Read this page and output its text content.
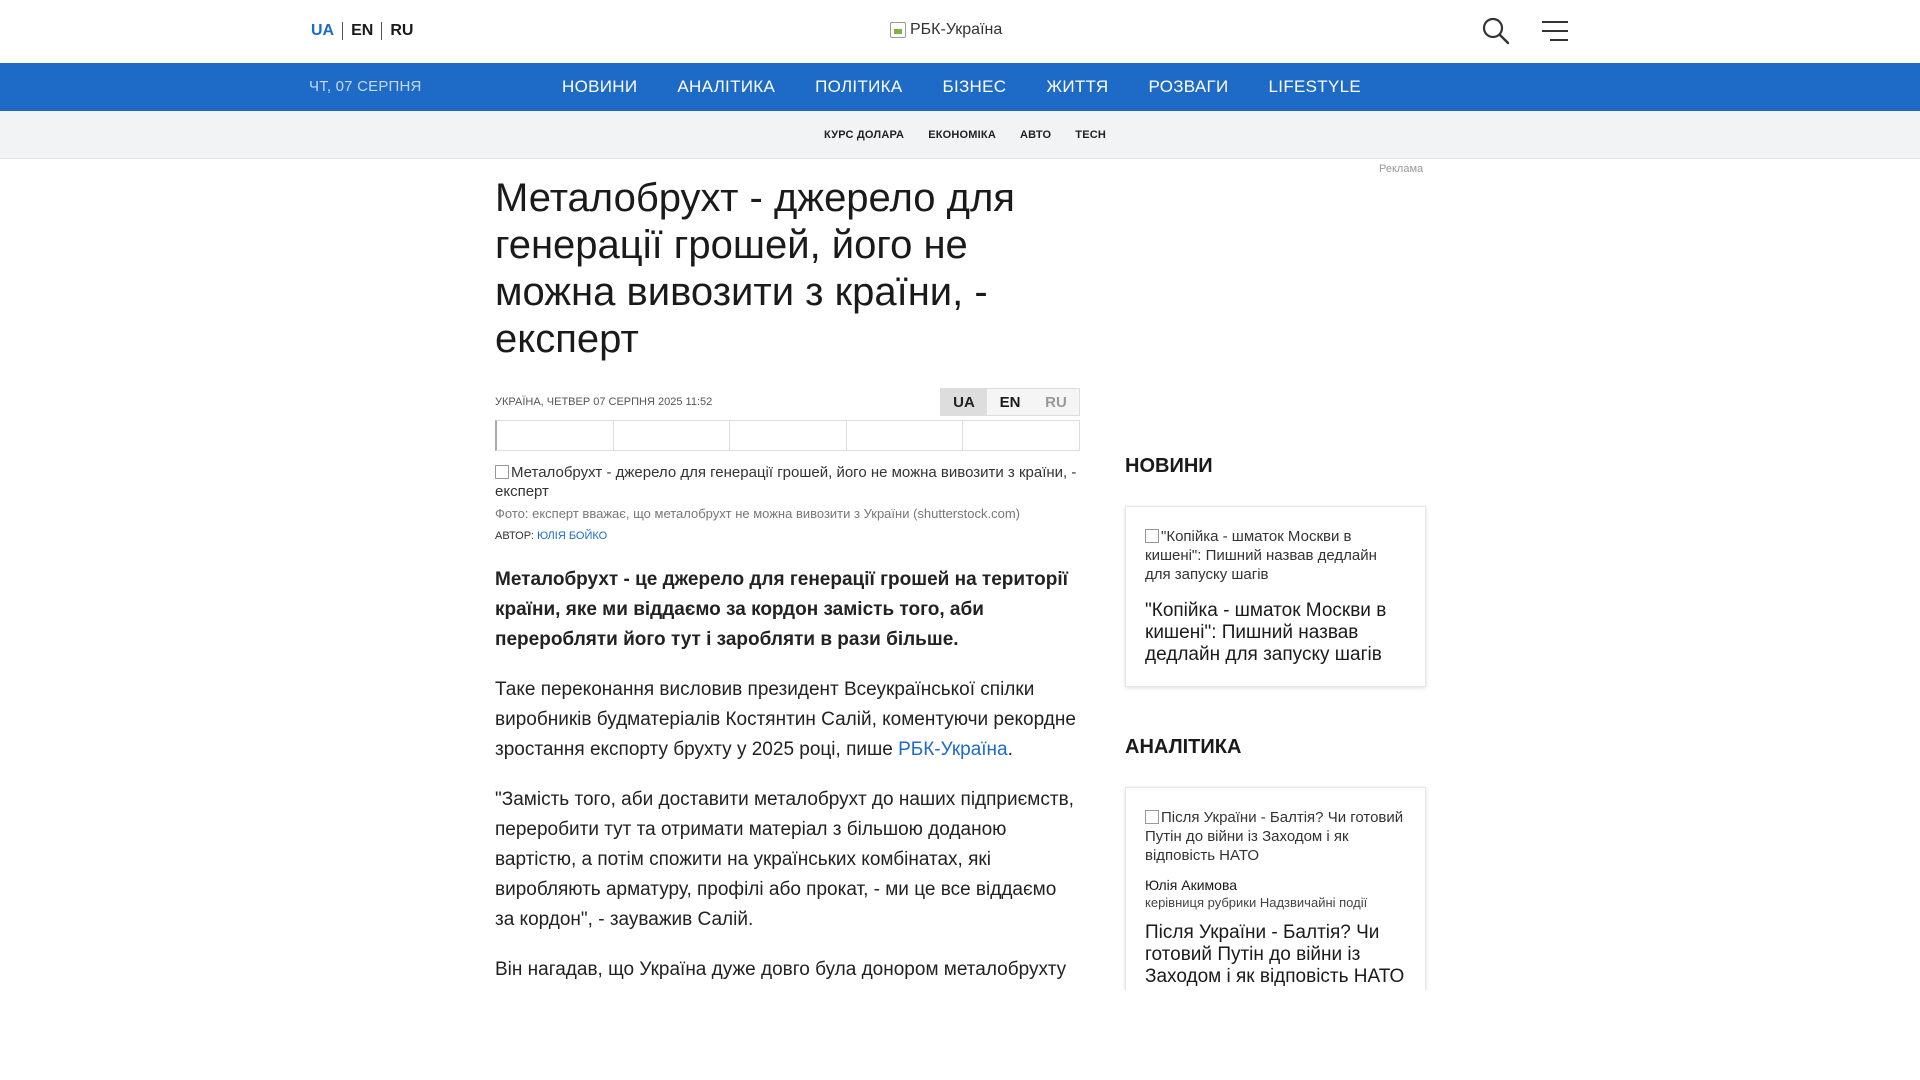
UA	EN	RU	РБК-Україна
ЧТ, 07 СЕРПНЯ	НОВИНИ	АНАЛІТИКА	ПОЛІТИКА	БІЗНЕС	ЖИТТЯ	РОЗВАГИ	LIFESTYLE
КУРС ДОЛАРА	ЕКОНОМІКА	АВТО	TECH
Металобрухт - джерело для генерації грошей, його не можна вивозити з країни, - експерт
УКРАЇНА, ЧЕТВЕР 07 СЕРПНЯ 2025 11:52	UA	EN	RU
Металобрухт - джерело для генерації грошей, його не можна вивозити з країни, - експерт
Фото: експерт вважає, що металобрухт не можна вивозити з України (shutterstock.com)
АВТОР: ЮЛІЯ БОЙКО

Металобрухт - це джерело для генерації грошей на території країни, яке ми віддаємо за кордон замість того, аби переробляти його тут і заробляти в рази більше.

Таке переконання висловив президент Всеукраїнської спілки виробників будматеріалів Костянтин Салій, коментуючи рекордне зростання експорту брухту у 2025 році, пише РБК-Україна.

"Замість того, аби доставити металобрухт до наших підприємств, переробити тут та отримати матеріал з більшою доданою вартістю, а потім спожити на українських комбінатах, які виробляють арматуру, профілі або прокат, - ми це все віддаємо за кордон", - зауважив Салій.

Він нагадав, що Україна дуже довго була донором металобрухту

Реклама
НОВИНИ
"Копійка - шматок Москви в кишені": Пишний назвав дедлайн для запуску шагів
"Копійка - шматок Москви в кишені": Пишний назвав дедлайн для запуску шагів
АНАЛІТИКА
Після України - Балтія? Чи готовий Путін до війни із Заходом і як відповість НАТО
Юлія Акимова
керівниця рубрики Надзвичайні події
Після України - Балтія? Чи готовий Путін до війни із Заходом і як відповість НАТО
